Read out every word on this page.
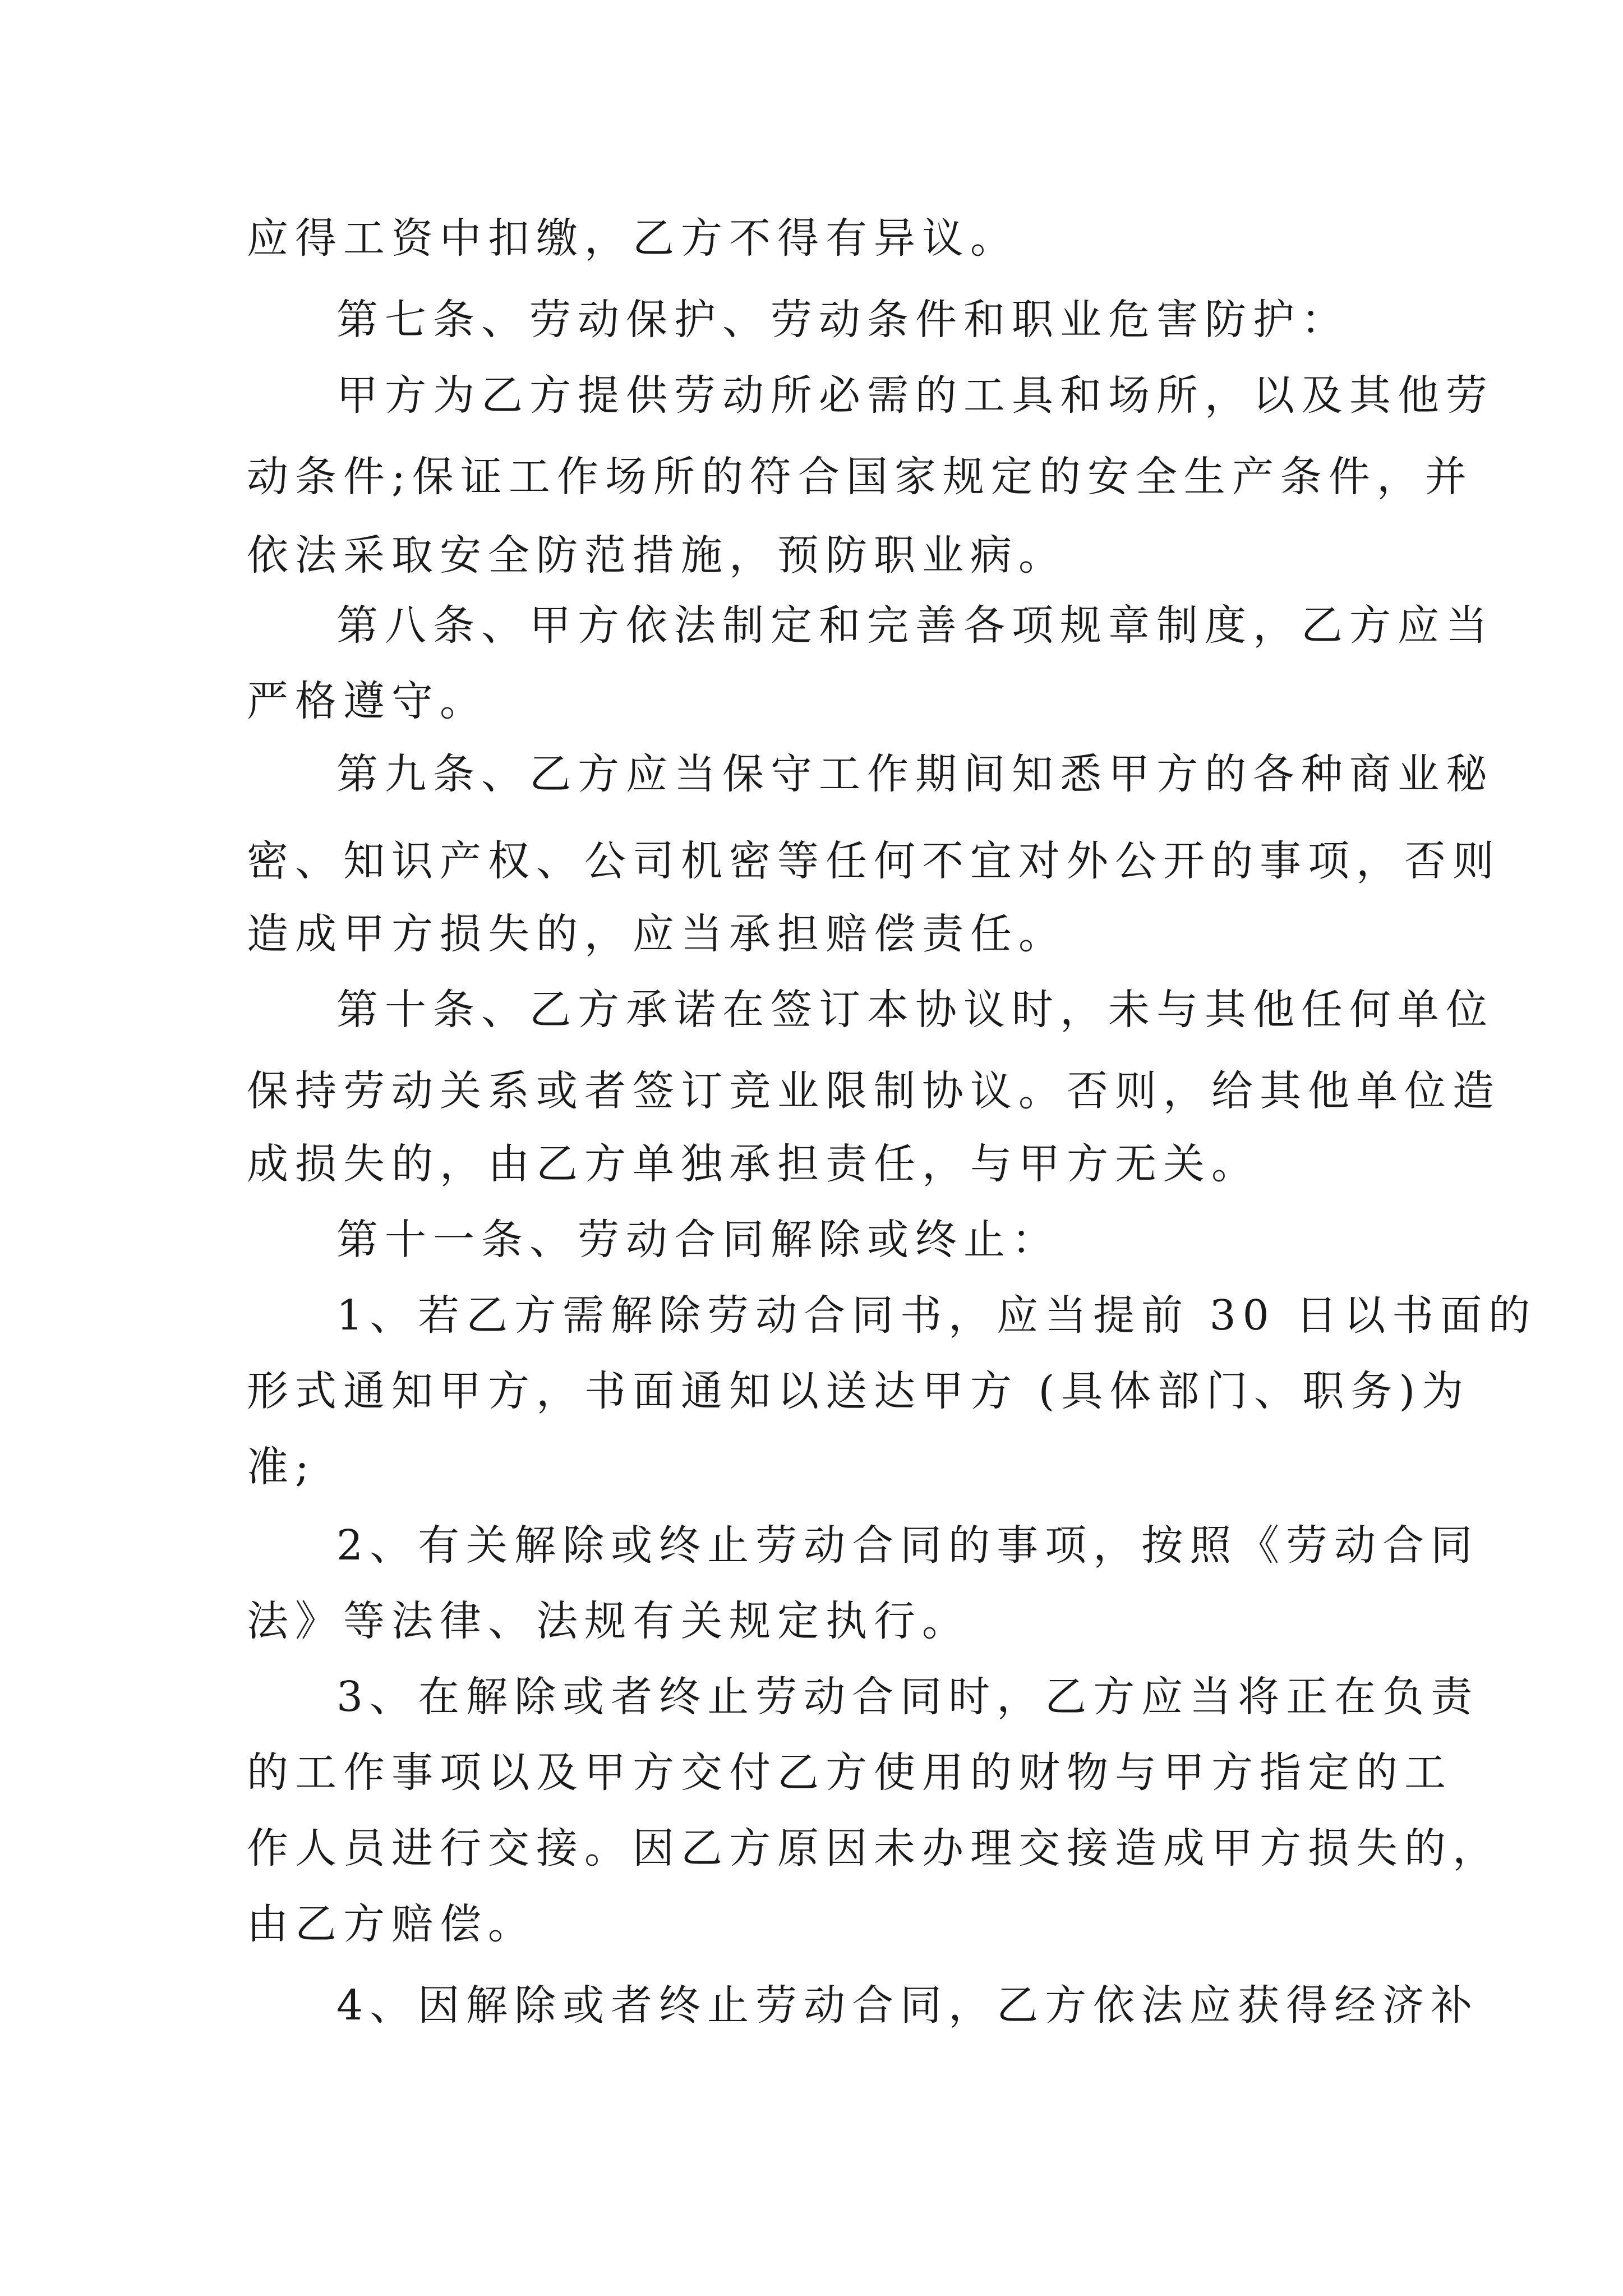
应得工资中扣缴，乙方不得有异议。
第七条、劳动保护、劳动条件和职业危害防护：
甲方为乙方提供劳动所必需的工具和场所，以及其他劳
动条件;保证工作场所的符合国家规定的安全生产条件，并
依法采取安全防范措施，预防职业病。
第八条、甲方依法制定和完善各项规章制度，乙方应当
严格遵守。
第九条、乙方应当保守工作期间知悉甲方的各种商业秘
密、知识产权、公司机密等任何不宜对外公开的事项，否则
造成甲方损失的，应当承担赔偿责任。
第十条、乙方承诺在签订本协议时，未与其他任何单位
保持劳动关系或者签订竞业限制协议。否则，给其他单位造
成损失的，由乙方单独承担责任，与甲方无关。
第十一条、劳动合同解除或终止：
1、若乙方需解除劳动合同书，应当提前 30 日以书面的
形式通知甲方，书面通知以送达甲方 (具体部门、职务)为
准;
2、有关解除或终止劳动合同的事项，按照《劳动合同
法》等法律、法规有关规定执行。
3、在解除或者终止劳动合同时，乙方应当将正在负责
的工作事项以及甲方交付乙方使用的财物与甲方指定的工
作人员进行交接。因乙方原因未办理交接造成甲方损失的，
由乙方赔偿。
4、因解除或者终止劳动合同，乙方依法应获得经济补
